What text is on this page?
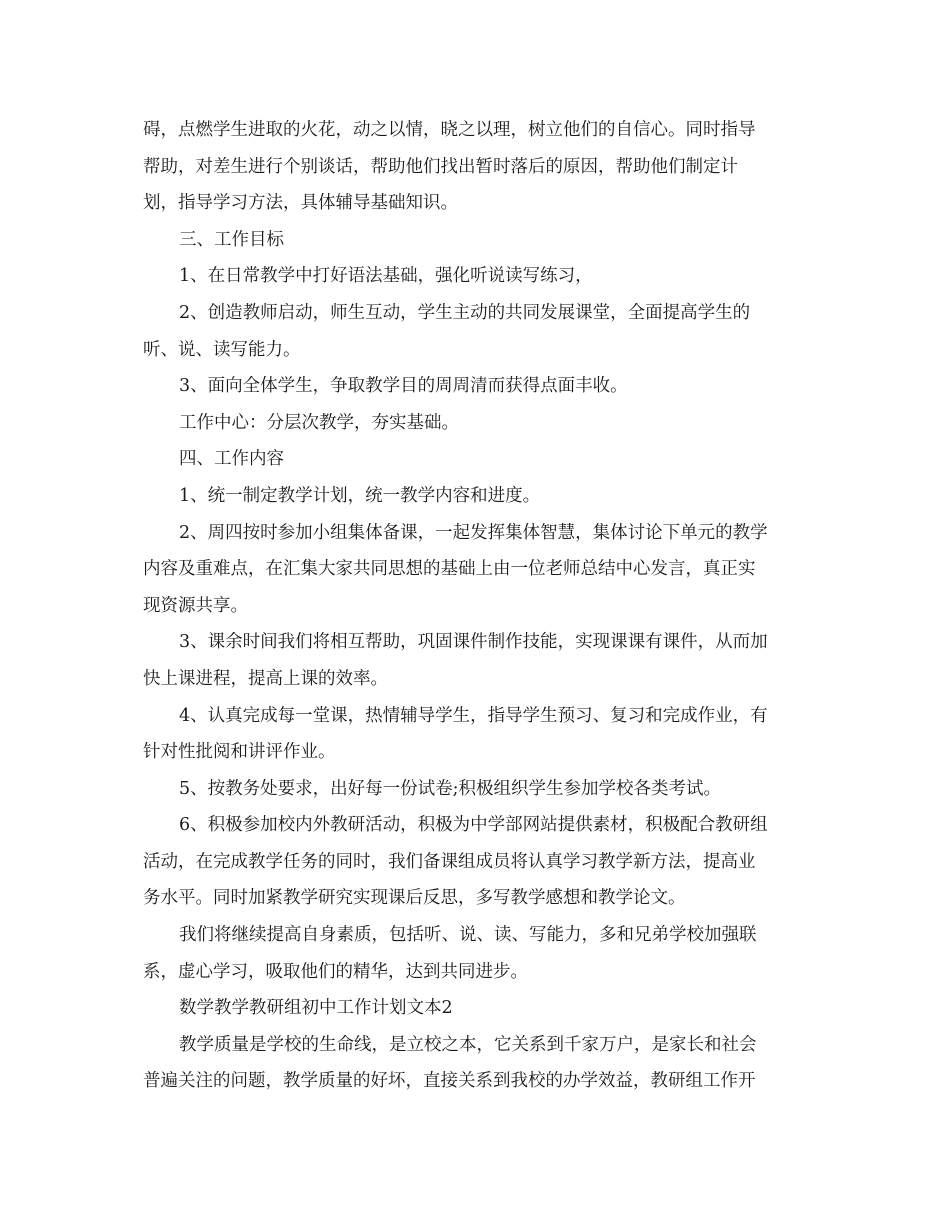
碍，点燃学生进取的火花，动之以情，晓之以理，树立他们的自信心。同时指导
帮助，对差生进行个别谈话，帮助他们找出暂时落后的原因，帮助他们制定计
划，指导学习方法，具体辅导基础知识。
三、工作目标
1、在日常教学中打好语法基础，强化听说读写练习，
2、创造教师启动，师生互动，学生主动的共同发展课堂，全面提高学生的
听、说、读写能力。
3、面向全体学生，争取教学目的周周清而获得点面丰收。
工作中心：分层次教学，夯实基础。
四、工作内容
1、统一制定教学计划，统一教学内容和进度。
2、周四按时参加小组集体备课，一起发挥集体智慧，集体讨论下单元的教学
内容及重难点，在汇集大家共同思想的基础上由一位老师总结中心发言，真正实
现资源共享。
3、课余时间我们将相互帮助，巩固课件制作技能，实现课课有课件，从而加
快上课进程，提高上课的效率。
4、认真完成每一堂课，热情辅导学生，指导学生预习、复习和完成作业，有
针对性批阅和讲评作业。
5、按教务处要求，出好每一份试卷;积极组织学生参加学校各类考试。
6、积极参加校内外教研活动，积极为中学部网站提供素材，积极配合教研组
活动，在完成教学任务的同时，我们备课组成员将认真学习教学新方法，提高业
务水平。同时加紧教学研究实现课后反思，多写教学感想和教学论文。
我们将继续提高自身素质，包括听、说、读、写能力，多和兄弟学校加强联
系，虚心学习，吸取他们的精华，达到共同进步。
数学教学教研组初中工作计划文本2
教学质量是学校的生命线，是立校之本，它关系到千家万户，是家长和社会
普遍关注的问题，教学质量的好坏，直接关系到我校的办学效益，教研组工作开
